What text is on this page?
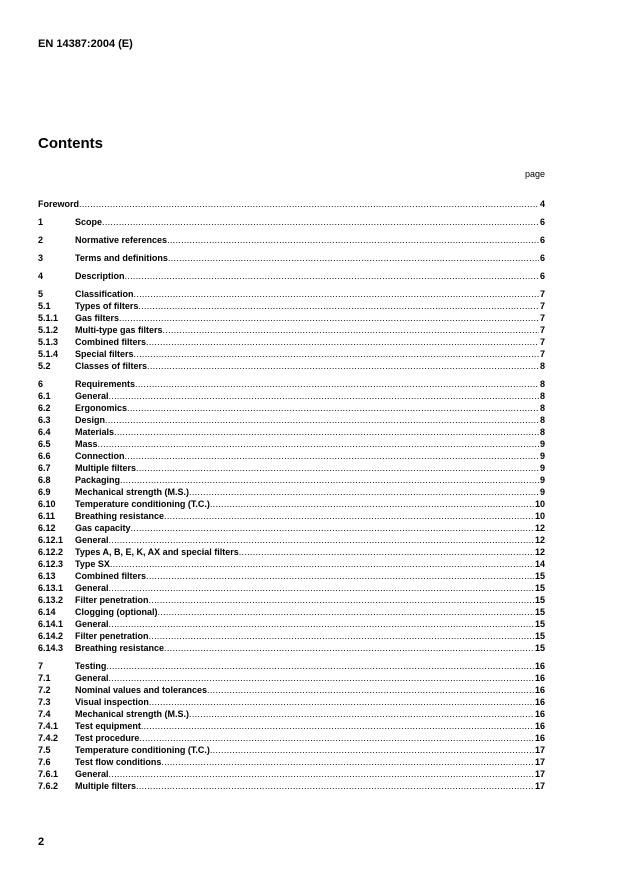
EN 14387:2004 (E)
Contents
page
Foreword .....	4
1	Scope .....	6
2	Normative references .....	6
3	Terms and definitions .....	6
4	Description .....	6
5	Classification .....	7
5.1	Types of filters .....	7
5.1.1	Gas filters .....	7
5.1.2	Multi-type gas filters .....	7
5.1.3	Combined filters .....	7
5.1.4	Special filters .....	7
5.2	Classes of filters .....	8
6	Requirements .....	8
6.1	General .....	8
6.2	Ergonomics .....	8
6.3	Design .....	8
6.4	Materials .....	8
6.5	Mass .....	9
6.6	Connection .....	9
6.7	Multiple filters .....	9
6.8	Packaging .....	9
6.9	Mechanical strength (M.S.) .....	9
6.10	Temperature conditioning (T.C.) .....	10
6.11	Breathing resistance .....	10
6.12	Gas capacity .....	12
6.12.1	General .....	12
6.12.2	Types A, B, E, K, AX and special filters .....	12
6.12.3	Type SX .....	14
6.13	Combined filters .....	15
6.13.1	General .....	15
6.13.2	Filter penetration .....	15
6.14	Clogging (optional) .....	15
6.14.1	General .....	15
6.14.2	Filter penetration .....	15
6.14.3	Breathing resistance .....	15
7	Testing .....	16
7.1	General .....	16
7.2	Nominal values and tolerances .....	16
7.3	Visual inspection .....	16
7.4	Mechanical strength (M.S.) .....	16
7.4.1	Test equipment .....	16
7.4.2	Test procedure .....	16
7.5	Temperature conditioning (T.C.) .....	17
7.6	Test flow conditions .....	17
7.6.1	General .....	17
7.6.2	Multiple filters .....	17
2
